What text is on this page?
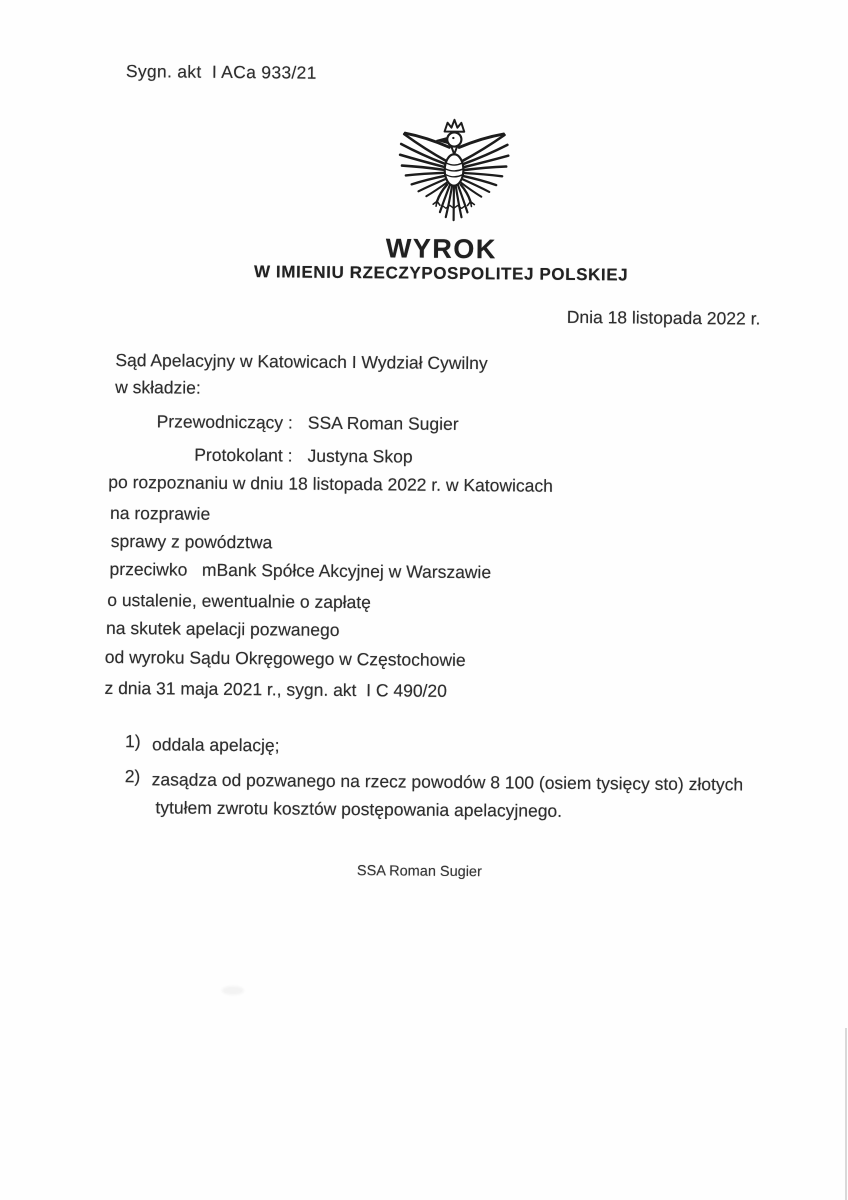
Sygn. akt  I ACa 933/21
WYROK
W IMIENIU RZECZYPOSPOLITEJ POLSKIEJ
Dnia 18 listopada 2022 r.
Sąd Apelacyjny w Katowicach I Wydział Cywilny
w składzie:
Przewodniczący : SSA Roman Sugier
Protokolant : Justyna Skop
po rozpoznaniu w dniu 18 listopada 2022 r. w Katowicach
na rozprawie
sprawy z powództwa
przeciwko   mBank Spółce Akcyjnej w Warszawie
o ustalenie, ewentualnie o zapłatę
na skutek apelacji pozwanego
od wyroku Sądu Okręgowego w Częstochowie
z dnia 31 maja 2021 r., sygn. akt  I C 490/20
1) oddala apelację;
2) zasądza od pozwanego na rzecz powodów 8 100 (osiem tysięcy sto) złotych
tytułem zwrotu kosztów postępowania apelacyjnego.
SSA Roman Sugier
